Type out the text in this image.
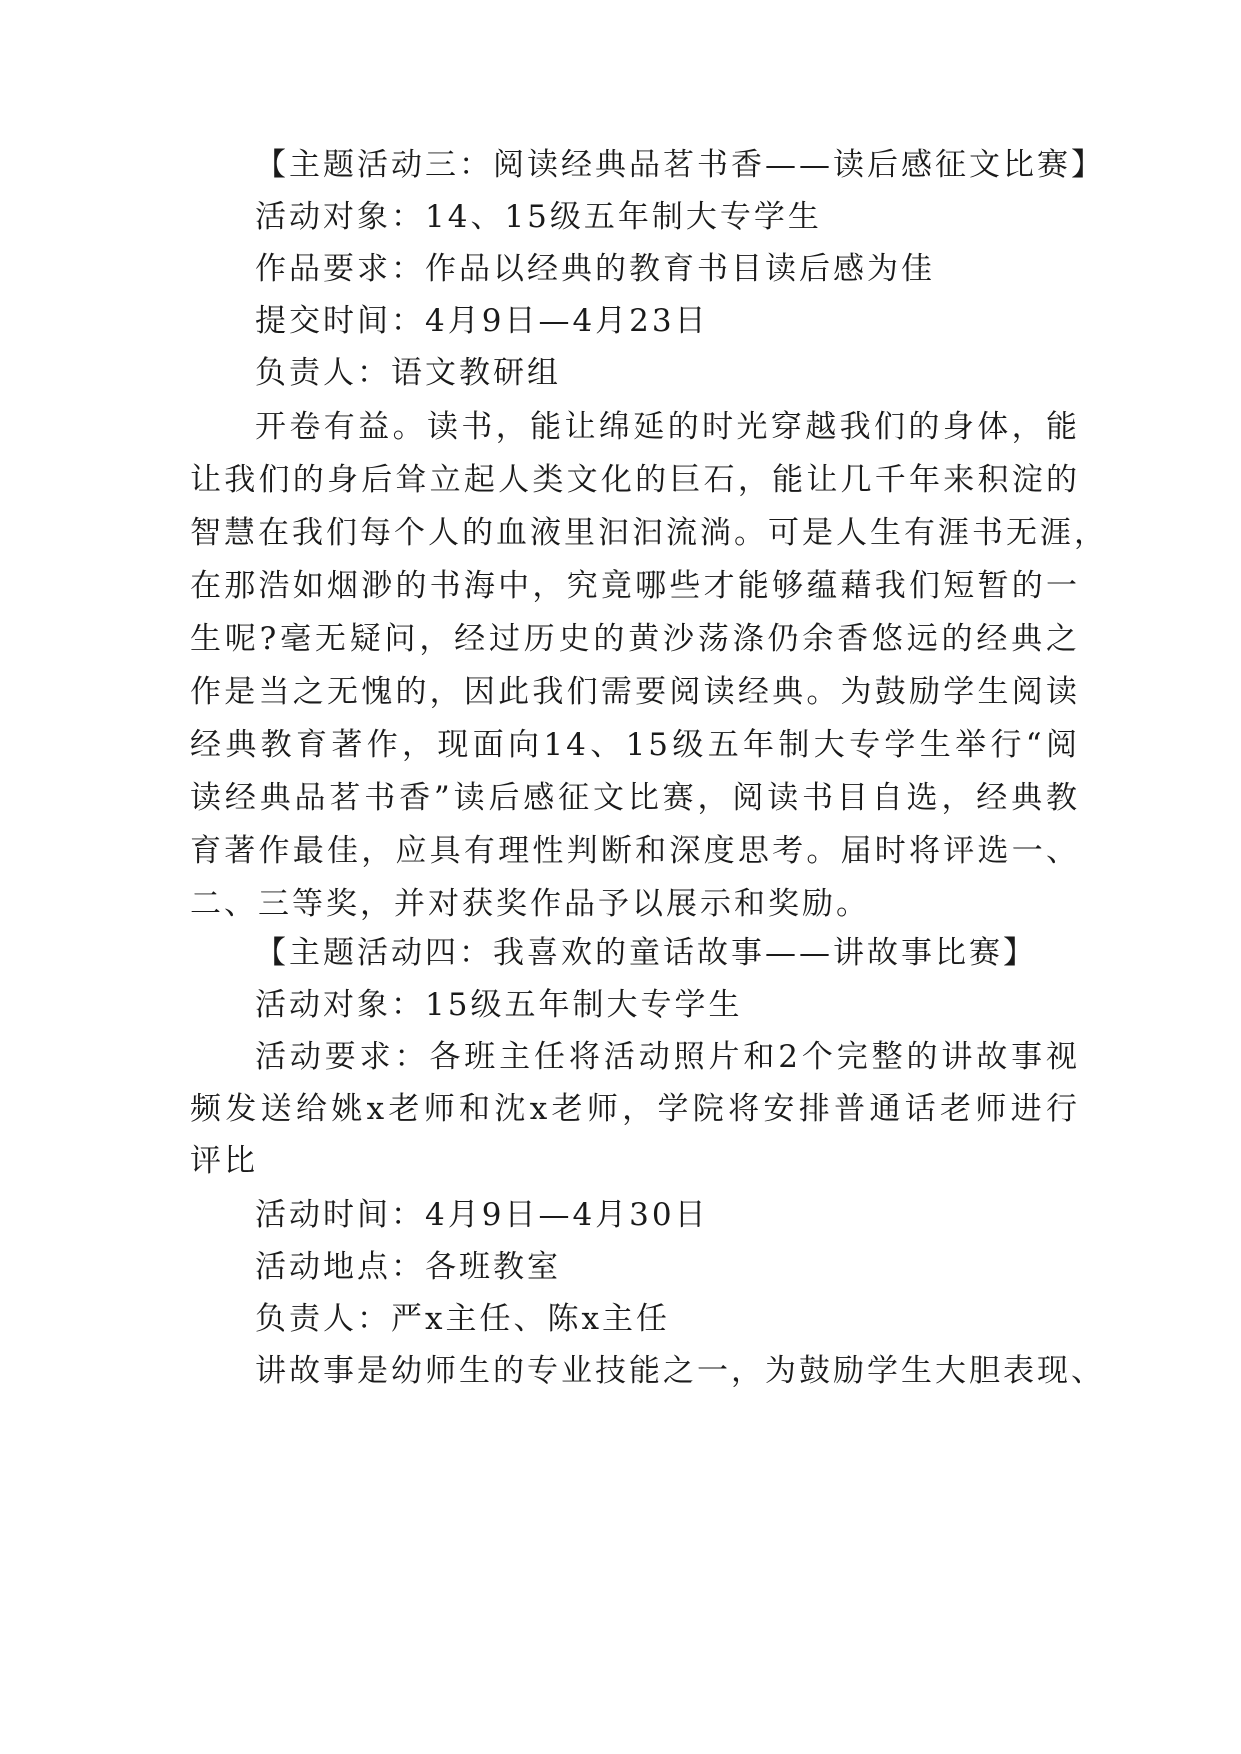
【主题活动三：阅读经典品茗书香——读后感征文比赛】
活动对象：14、15级五年制大专学生
作品要求：作品以经典的教育书目读后感为佳
提交时间：4月9日—4月23日
负责人：语文教研组
开卷有益。读书，能让绵延的时光穿越我们的身体，能
让我们的身后耸立起人类文化的巨石，能让几千年来积淀的
智慧在我们每个人的血液里汩汩流淌。可是人生有涯书无涯，
在那浩如烟渺的书海中，究竟哪些才能够蕴藉我们短暂的一
生呢?毫无疑问，经过历史的黄沙荡涤仍余香悠远的经典之
作是当之无愧的，因此我们需要阅读经典。为鼓励学生阅读
经典教育著作，现面向14、15级五年制大专学生举行“阅
读经典品茗书香”读后感征文比赛，阅读书目自选，经典教
育著作最佳，应具有理性判断和深度思考。届时将评选一、
二、三等奖，并对获奖作品予以展示和奖励。
【主题活动四：我喜欢的童话故事——讲故事比赛】
活动对象：15级五年制大专学生
活动要求：各班主任将活动照片和2个完整的讲故事视
频发送给姚x老师和沈x老师，学院将安排普通话老师进行
评比
活动时间：4月9日—4月30日
活动地点：各班教室
负责人：严x主任、陈x主任
讲故事是幼师生的专业技能之一，为鼓励学生大胆表现、
